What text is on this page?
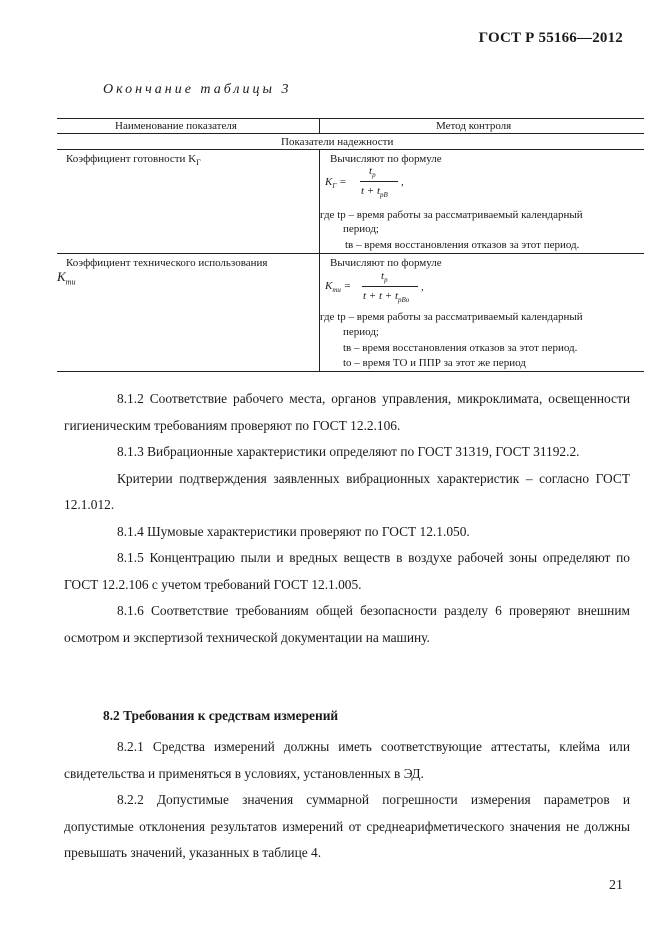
ГОСТ Р 55166—2012
Окончание таблицы 3
Наименование показателя	Метод контроля
Показатели надежности
Коэффициент готовности $K_Г$	Вычисляют по формуле
$K_Г$ =
$t_p$
$t + t_{pB}$
,
где tp – время работы за рассматриваемый календарный
период;
tв – время восстановления отказов за этот период.
Коэффициент технического использования
$K_{ти}$
Вычисляют по формуле
$K_{ти}$ =
$t_p$
$t + t + t_{pBo}$
,
где tр – время работы за рассматриваемый календарный
период;
tв – время восстановления отказов за этот период.
tо – время ТО и ППР за этот же период

8.1.2 Соответствие рабочего места, органов управления, микроклимата, освещенности гигиеническим требованиям проверяют по ГОСТ 12.2.106.

8.1.3 Вибрационные характеристики определяют по ГОСТ 31319, ГОСТ 31192.2.

Критерии подтверждения заявленных вибрационных характеристик – согласно ГОСТ 12.1.012.

8.1.4 Шумовые характеристики проверяют по ГОСТ 12.1.050.

8.1.5 Концентрацию пыли и вредных веществ в воздухе рабочей зоны определяют по ГОСТ 12.2.106 с учетом требований ГОСТ 12.1.005.

8.1.6 Соответствие требованиям общей безопасности разделу 6 проверяют внешним осмотром и экспертизой технической документации на машину.

8.2 Требования к средствам измерений

8.2.1 Средства измерений должны иметь соответствующие аттестаты, клейма или свидетельства и применяться в условиях, установленных в ЭД.

8.2.2 Допустимые значения суммарной погрешности измерения параметров и допустимые отклонения результатов измерений от среднеарифметического значения не должны превышать значений, указанных в таблице 4.

21
